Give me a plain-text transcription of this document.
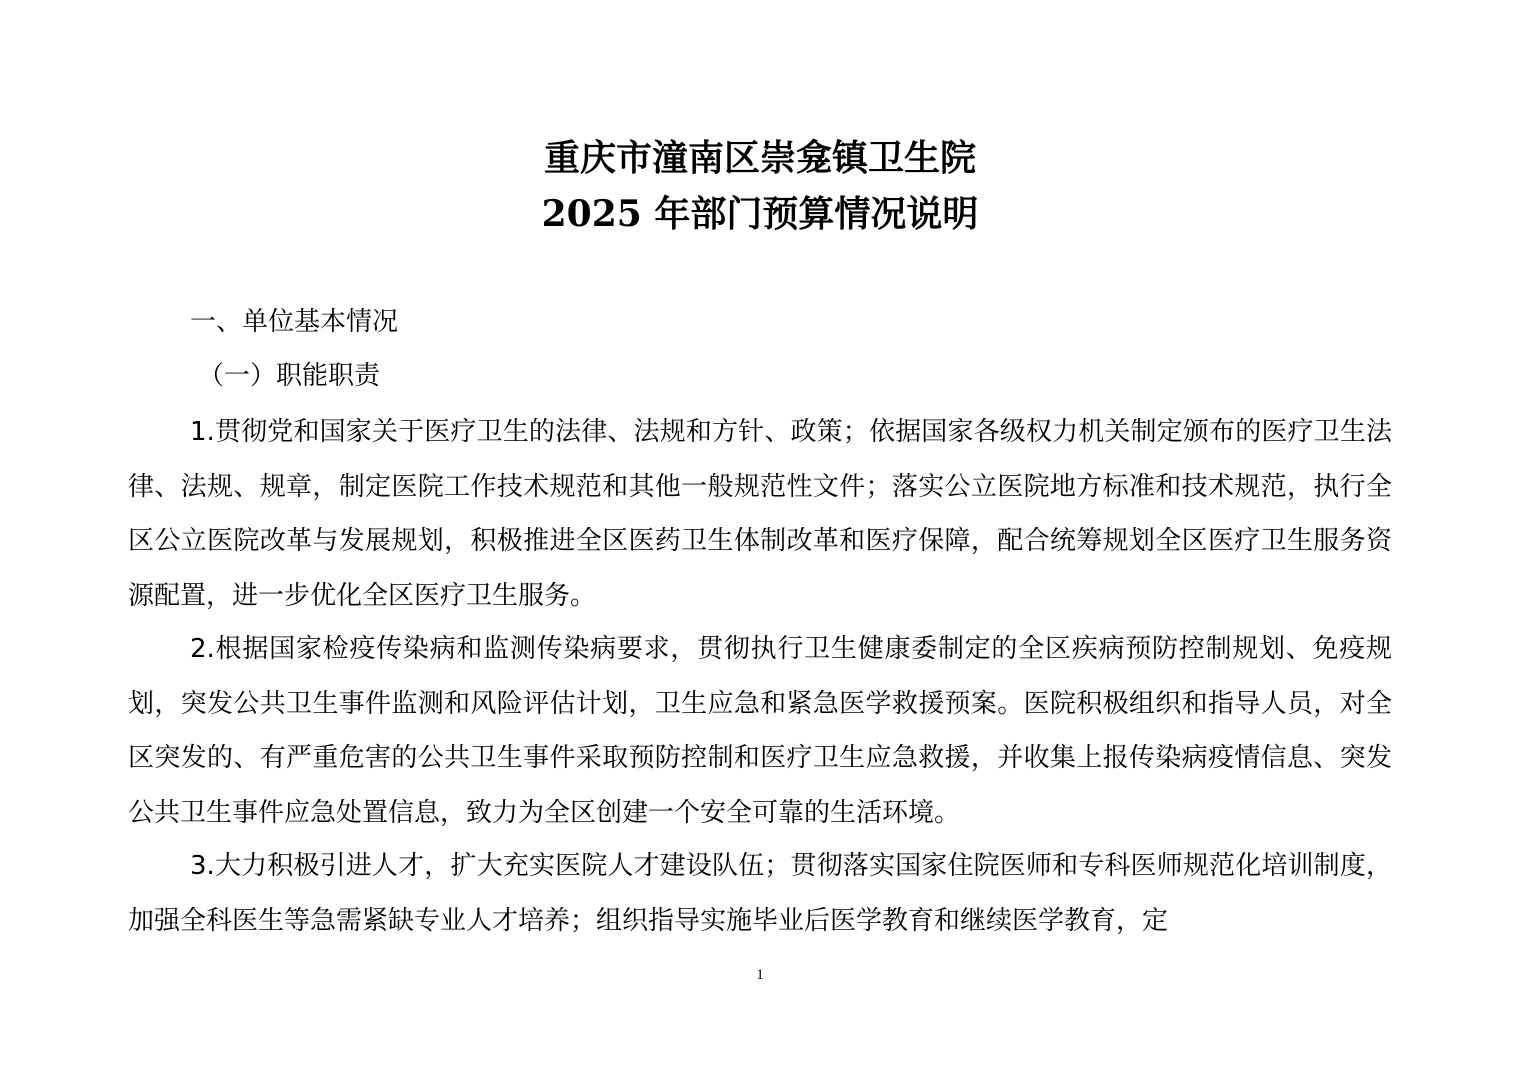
重庆市潼南区崇龛镇卫生院
2025 年部门预算情况说明

一、单位基本情况

（一）职能职责

1.贯彻党和国家关于医疗卫生的法律、法规和方针、政策；依据国家各级权力机关制定颁布的医疗卫生法律、法规、规章，制定医院工作技术规范和其他一般规范性文件；落实公立医院地方标准和技术规范，执行全区公立医院改革与发展规划，积极推进全区医药卫生体制改革和医疗保障，配合统筹规划全区医疗卫生服务资源配置，进一步优化全区医疗卫生服务。

2.根据国家检疫传染病和监测传染病要求，贯彻执行卫生健康委制定的全区疾病预防控制规划、免疫规划，突发公共卫生事件监测和风险评估计划，卫生应急和紧急医学救援预案。医院积极组织和指导人员，对全区突发的、有严重危害的公共卫生事件采取预防控制和医疗卫生应急救援，并收集上报传染病疫情信息、突发公共卫生事件应急处置信息，致力为全区创建一个安全可靠的生活环境。

3.大力积极引进人才，扩大充实医院人才建设队伍；贯彻落实国家住院医师和专科医师规范化培训制度，加强全科医生等急需紧缺专业人才培养；组织指导实施毕业后医学教育和继续医学教育，定

1
